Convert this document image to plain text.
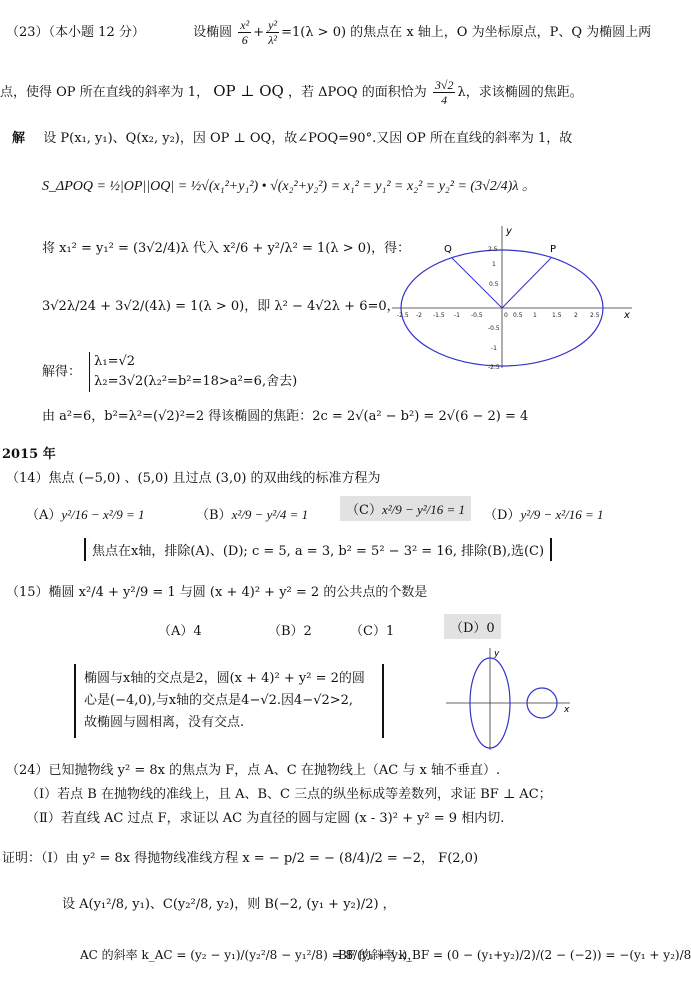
（23）（本小题 12 分）	设椭圆 $\frac{\text{x²}}{6} + \frac{\text{y²}}{\text{λ²}} =1(\lambda > 0)$ 的焦点在 x 轴上，O 为坐标原点，P、Q 为椭圆上两
点，使得 OP 所在直线的斜率为 1， OP ⊥ OQ ，若 ΔPOQ 的面积恰为 $\frac{3√2}{4}$ λ，求该椭圆的焦距。
解 设 P(x₁, y₁)、Q(x₂, y₂)，因 OP ⊥ OQ，故∠POQ=90°.又因 OP 所在直线的斜率为 1，故
S_ΔPOQ = ½|OP||OQ| = ½√(x₁²+y₁²) • √(x₂²+y₂²) = x₁² = y₁² = x₂² = y₂² = (3√2/4)λ 。
将 x₁² = y₁² = (3√2/4)λ 代入 x²/6 + y²/λ² = 1(λ > 0)，得：
3√2λ/24 + 3√2/(4λ) = 1(λ > 0)，即 λ² − 4√2λ + 6=0，
解得：
λ₁=√2
λ₂=3√2(λ₂²=b²=18>a²=6,舍去)
由 a²=6，b²=λ²=(√2)²=2 得该椭圆的焦距：2c = 2√(a² − b²) = 2√(6 − 2) = 4
Q	P
y
x
2.5
1
0.5
-0.5
-1
-2.5
-2.5 -2 -1.5 -1 -0.5	0 0.5 1	1.5 2 2.5
2015 年
（14）焦点 (−5,0) 、(5,0) 且过点 (3,0) 的双曲线的标准方程为
（A）y²/16 − x²/9 = 1	（B）x²/9 − y²/4 = 1	（C）x²/9 − y²/16 = 1	（D）y²/9 − x²/16 = 1
焦点在x轴，排除(A)、(D); c = 5, a = 3, b² = 5² − 3² = 16, 排除(B),选(C)
（15）椭圆 x²/4 + y²/9 = 1 与圆 (x + 4)² + y² = 2 的公共点的个数是
（A）4	（B）2	（C）1	（D）0
椭圆与x轴的交点是2，圆(x + 4)² + y² = 2的圆
心是(−4,0),与x轴的交点是4−√2.因4−√2>2,
故椭圆与圆相离，没有交点.
y
x
（24）已知抛物线 y² = 8x 的焦点为 F，点 A、C 在抛物线上（AC 与 x 轴不垂直）.
（Ⅰ）若点 B 在抛物线的准线上，且 A、B、C 三点的纵坐标成等差数列，求证 BF ⊥ AC；
（Ⅱ）若直线 AC 过点 F，求证以 AC 为直径的圆与定圆 (x - 3)² + y² = 9 相内切.
证明：（Ⅰ）由 y² = 8x 得抛物线准线方程 x = − p/2 = − (8/4)/2 = −2， F(2,0)
设 A(y₁²/8, y₁)、C(y₂²/8, y₂)，则 B(−2, (y₁ + y₂)/2) ，
AC 的斜率 k_AC = (y₂ − y₁)/(y₂²/8 − y₁²/8) = 8/(y₁ + y₂)，
BF 的斜率 k_BF = (0 − (y₁+y₂)/2)/(2 − (−2)) = −(y₁ + y₂)/8
